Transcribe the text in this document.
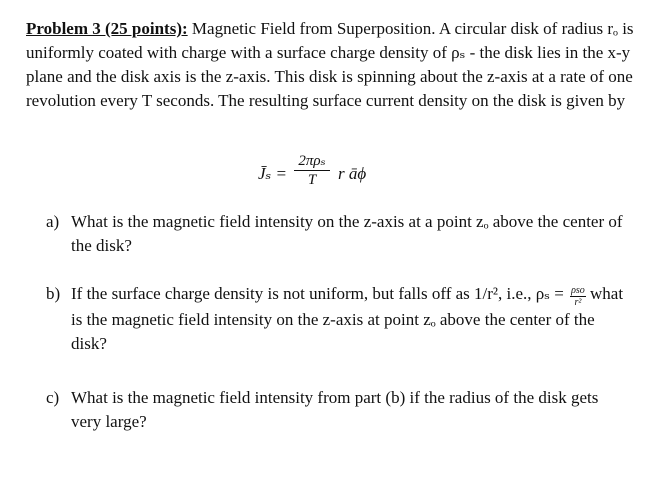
Problem 3 (25 points): Magnetic Field from Superposition. A circular disk of radius rₒ is uniformly coated with charge with a surface charge density of ρₛ - the disk lies in the x-y plane and the disk axis is the z-axis. This disk is spinning about the z-axis at a rate of one revolution every T seconds. The resulting surface current density on the disk is given by
J̄ₛ =
2πρₛ
T	r āϕ
a) What is the magnetic field intensity on the z-axis at a point zₒ above the center of the disk?
b) If the surface charge density is not uniform, but falls off as 1/r², i.e., $\rho_s = \frac{\text{ρso}}{\text{r²}}$ what is the magnetic field intensity on the z-axis at point zₒ above the center of the disk?
c) What is the magnetic field intensity from part (b) if the radius of the disk gets very large?
